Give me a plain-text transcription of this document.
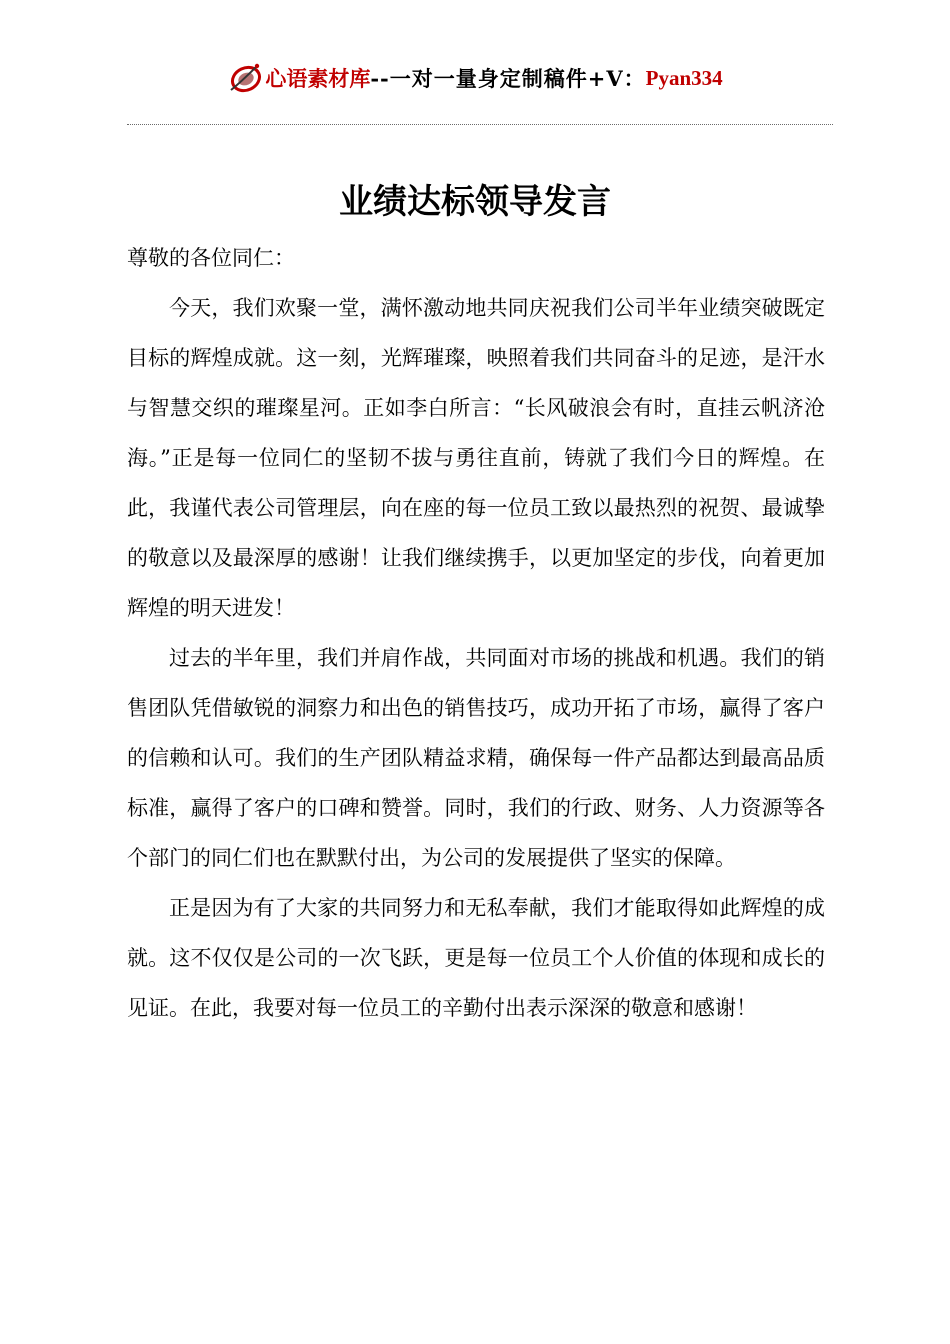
心语素材库 --一对一量身定制稿件+V： Pyan334
业绩达标领导发言

尊敬的各位同仁：

今天，我们欢聚一堂，满怀激动地共同庆祝我们公司半年业绩突破既定目标的辉煌成就。这一刻，光辉璀璨，映照着我们共同奋斗的足迹，是汗水与智慧交织的璀璨星河。正如李白所言：“长风破浪会有时，直挂云帆济沧海。”正是每一位同仁的坚韧不拔与勇往直前，铸就了我们今日的辉煌。在此，我谨代表公司管理层，向在座的每一位员工致以最热烈的祝贺、最诚挚的敬意以及最深厚的感谢！让我们继续携手，以更加坚定的步伐，向着更加辉煌的明天进发！

过去的半年里，我们并肩作战，共同面对市场的挑战和机遇。我们的销售团队凭借敏锐的洞察力和出色的销售技巧，成功开拓了市场，赢得了客户的信赖和认可。我们的生产团队精益求精，确保每一件产品都达到最高品质标准，赢得了客户的口碑和赞誉。同时，我们的行政、财务、人力资源等各个部门的同仁们也在默默付出，为公司的发展提供了坚实的保障。

正是因为有了大家的共同努力和无私奉献，我们才能取得如此辉煌的成就。这不仅仅是公司的一次飞跃，更是每一位员工个人价值的体现和成长的见证。在此，我要对每一位员工的辛勤付出表示深深的敬意和感谢！
